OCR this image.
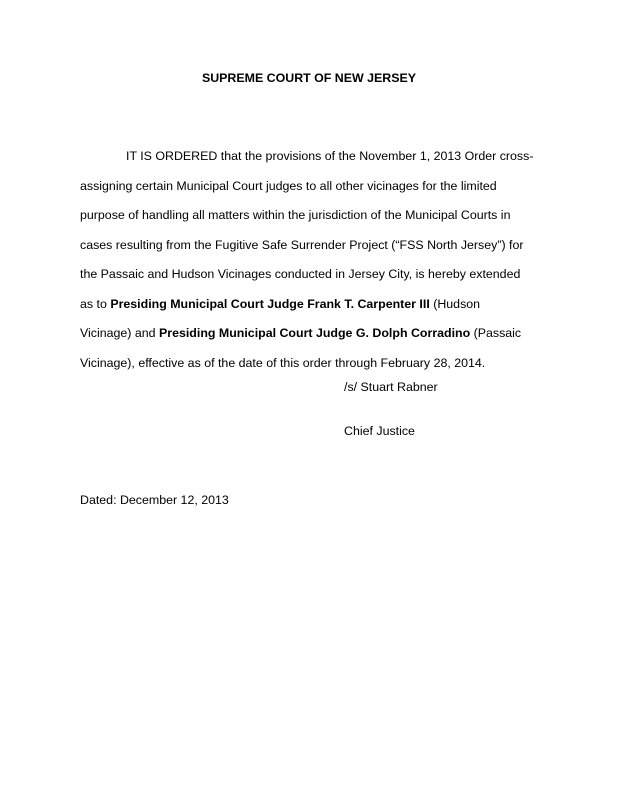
SUPREME COURT OF NEW JERSEY
IT IS ORDERED that the provisions of the November 1, 2013 Order cross-
assigning certain Municipal Court judges to all other vicinages for the limited
purpose of handling all matters within the jurisdiction of the Municipal Courts in
cases resulting from the Fugitive Safe Surrender Project (“FSS North Jersey”) for
the Passaic and Hudson Vicinages conducted in Jersey City, is hereby extended
as to Presiding Municipal Court Judge Frank T. Carpenter III (Hudson
Vicinage) and Presiding Municipal Court Judge G. Dolph Corradino (Passaic
Vicinage), effective as of the date of this order through February 28, 2014.
/s/ Stuart Rabner
Chief Justice
Dated: December 12, 2013
